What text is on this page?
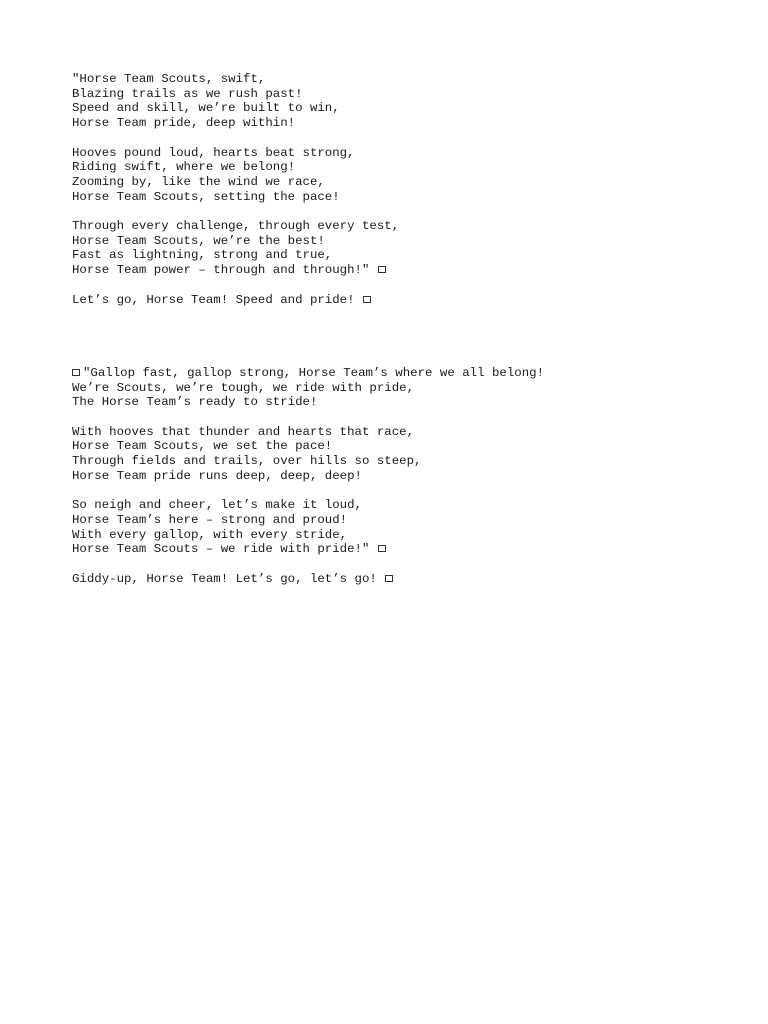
"Horse Team Scouts, swift,
Blazing trails as we rush past!
Speed and skill, we’re built to win,
Horse Team pride, deep within!
Hooves pound loud, hearts beat strong,
Riding swift, where we belong!
Zooming by, like the wind we race,
Horse Team Scouts, setting the pace!
Through every challenge, through every test,
Horse Team Scouts, we’re the best!
Fast as lightning, strong and true,
Horse Team power – through and through!"
Let’s go, Horse Team! Speed and pride!
"Gallop fast, gallop strong, Horse Team’s where we all belong!
We’re Scouts, we’re tough, we ride with pride,
The Horse Team’s ready to stride!
With hooves that thunder and hearts that race,
Horse Team Scouts, we set the pace!
Through fields and trails, over hills so steep,
Horse Team pride runs deep, deep, deep!
So neigh and cheer, let’s make it loud,
Horse Team’s here – strong and proud!
With every gallop, with every stride,
Horse Team Scouts – we ride with pride!"
Giddy-up, Horse Team! Let’s go, let’s go!
